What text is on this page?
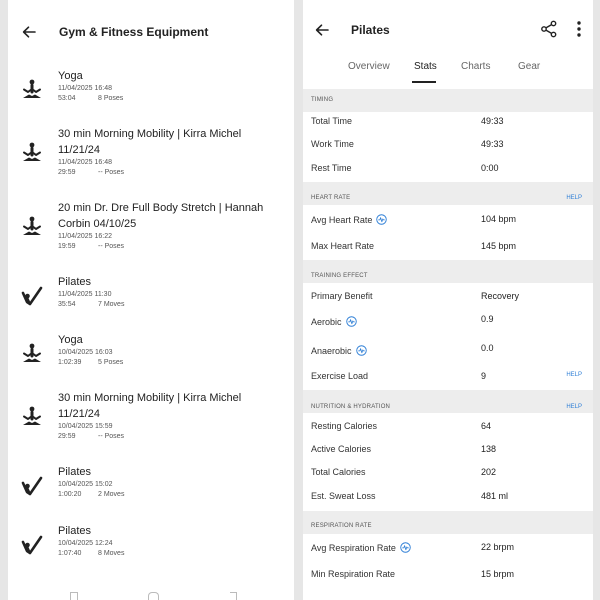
Gym & Fitness Equipment
Yoga
11/04/2025 16:48
53:04	8 Poses
30 min Morning Mobility | Kirra Michel 11/21/24
11/04/2025 16:48
29:59	-- Poses
20 min Dr. Dre Full Body Stretch | Hannah Corbin 04/10/25
11/04/2025 16:22
19:59	-- Poses
Pilates
11/04/2025 11:30
35:54	7 Moves
Yoga
10/04/2025 16:03
1:02:39 5 Poses
30 min Morning Mobility | Kirra Michel 11/21/24
10/04/2025 15:59
29:59	-- Poses
Pilates
10/04/2025 15:02
1:00:20 2 Moves
Pilates
10/04/2025 12:24
1:07:40 8 Moves
Pilates
Overview Stats Charts	Gear
TIMING
Total Time	49:33
Work Time	49:33
Rest Time	0:00
HEART RATE	HELP
Avg Heart Rate	104 bpm
Max Heart Rate	145 bpm
TRAINING EFFECT
Primary Benefit	Recovery
Aerobic	0.9
Anaerobic	0.0
Exercise Load	9	HELP
NUTRITION & HYDRATION	HELP
Resting Calories	64
Active Calories	138
Total Calories	202
Est. Sweat Loss	481 ml
RESPIRATION RATE
Avg Respiration Rate	22 brpm
Min Respiration Rate	15 brpm
